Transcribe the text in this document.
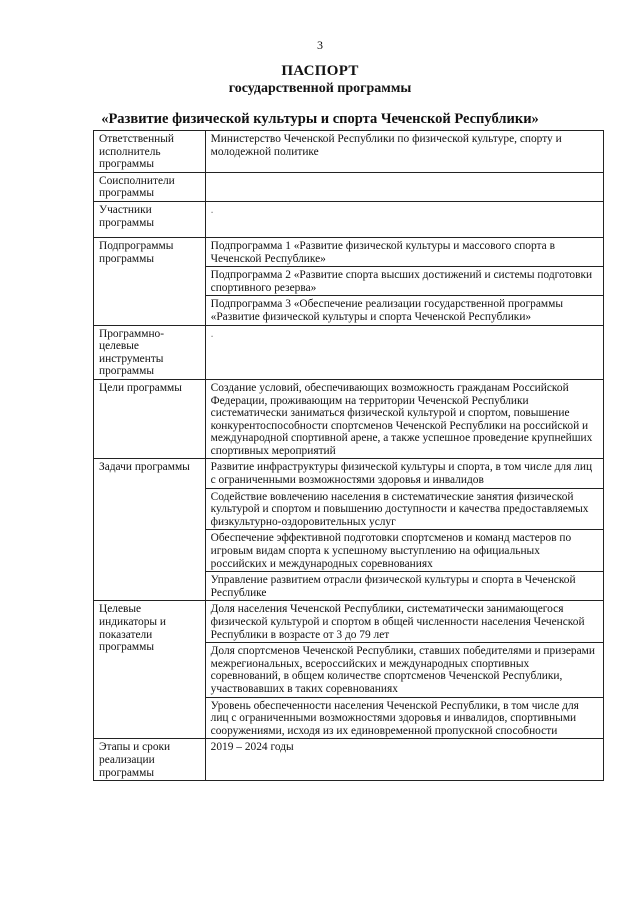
3
ПАСПОРТ
государственной программы
«Развитие физической культуры и спорта Чеченской Республики»
Ответственный исполнитель программы	Министерство Чеченской Республики по физической культуре, спорту и молодежной политике
Соисполнители программы	
Участники программы	.
Подпрограммы программы	Подпрограмма 1 «Развитие физической культуры и массового спорта в Чеченской Республике»
	Подпрограмма 2 «Развитие спорта высших достижений и системы подготовки спортивного резерва»
	Подпрограмма 3 «Обеспечение реализации государственной программы «Развитие физической культуры и спорта Чеченской Республики»
Программно-целевые инструменты программы	.
Цели программы	Создание условий, обеспечивающих возможность гражданам Российской Федерации, проживающим на территории Чеченской Республики систематически заниматься физической культурой и спортом, повышение конкурентоспособности спортсменов Чеченской Республики на российской и международной спортивной арене, а также успешное проведение крупнейших спортивных мероприятий
Задачи программы	Развитие инфраструктуры физической культуры и спорта, в том числе для лиц с ограниченными возможностями здоровья и инвалидов
	Содействие вовлечению населения в систематические занятия физической культурой и спортом и повышению доступности и качества предоставляемых физкультурно-оздоровительных услуг
	Обеспечение эффективной подготовки спортсменов и команд мастеров по игровым видам спорта к успешному выступлению на официальных российских и международных соревнованиях
	Управление развитием отрасли физической культуры и спорта в Чеченской Республике
Целевые индикаторы и показатели программы	Доля населения Чеченской Республики, систематически занимающегося физической культурой и спортом в общей численности населения Чеченской Республики в возрасте от 3 до 79 лет
	Доля спортсменов Чеченской Республики, ставших победителями и призерами межрегиональных, всероссийских и международных спортивных соревнований, в общем количестве спортсменов Чеченской Республики, участвовавших в таких соревнованиях
	Уровень обеспеченности населения Чеченской Республики, в том числе для лиц с ограниченными возможностями здоровья и инвалидов, спортивными сооружениями, исходя из их единовременной пропускной способности
Этапы и сроки реализации программы	2019 – 2024 годы
